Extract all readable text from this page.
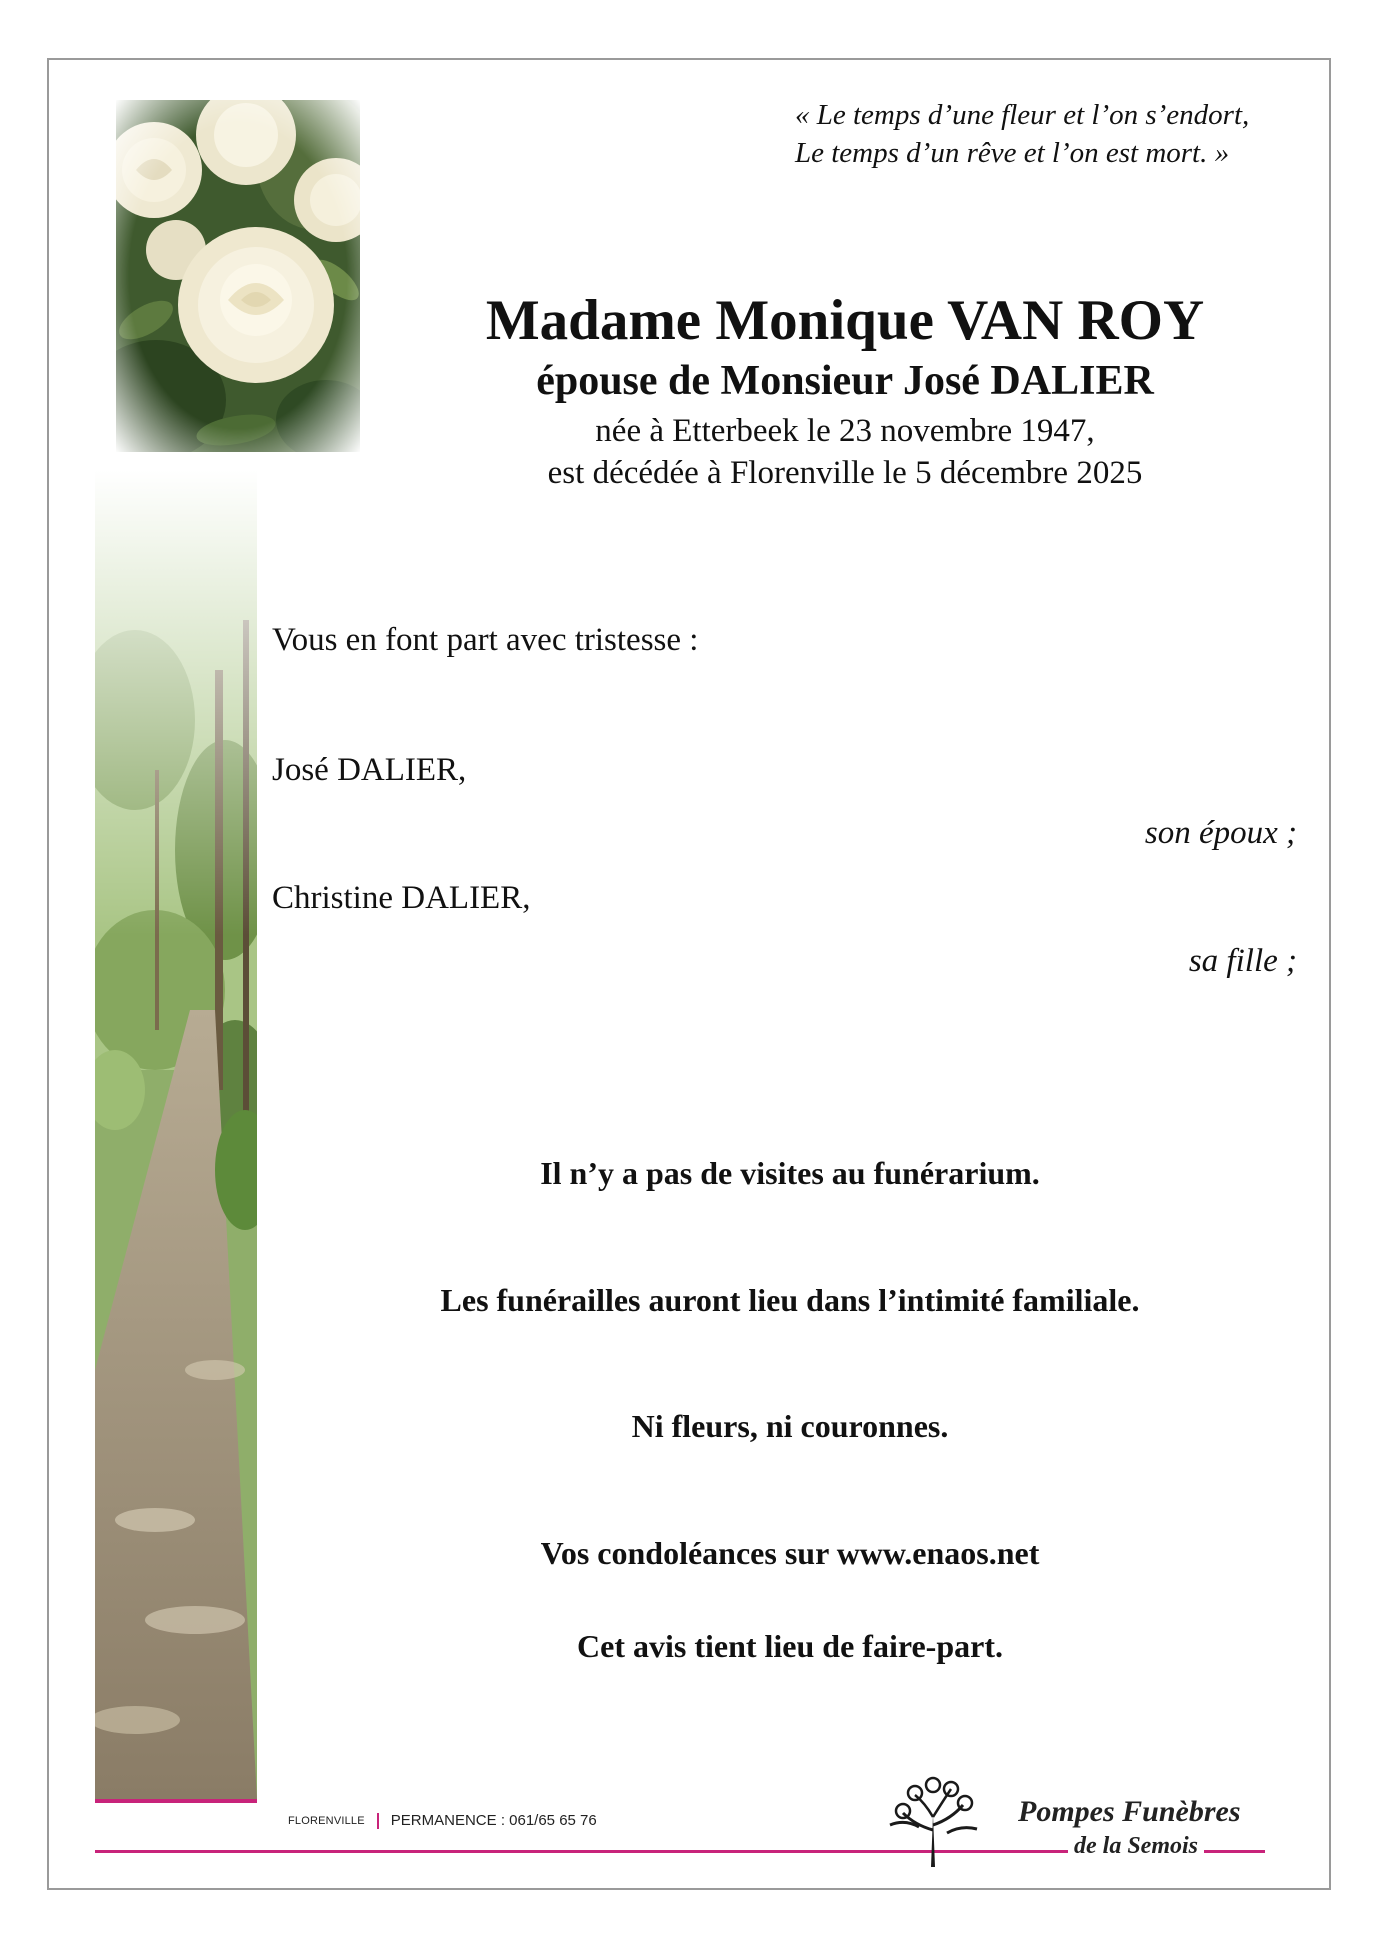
« Le temps d’une fleur et l’on s’endort,
Le temps d’un rêve et l’on est mort. »
Madame Monique VAN ROY
épouse de Monsieur José DALIER
née à Etterbeek le 23 novembre 1947,
est décédée à Florenville le 5 décembre 2025
Vous en font part avec tristesse :
José DALIER,
son époux ;
Christine DALIER,
sa fille ;
Il n’y a pas de visites au funérarium.
Les funérailles auront lieu dans l’intimité familiale.
Ni fleurs, ni couronnes.
Vos condoléances sur www.enaos.net
Cet avis tient lieu de faire-part.
FLORENVILLE PERMANENCE : 061/65 65 76	Pompes Funèbres
de la Semois
